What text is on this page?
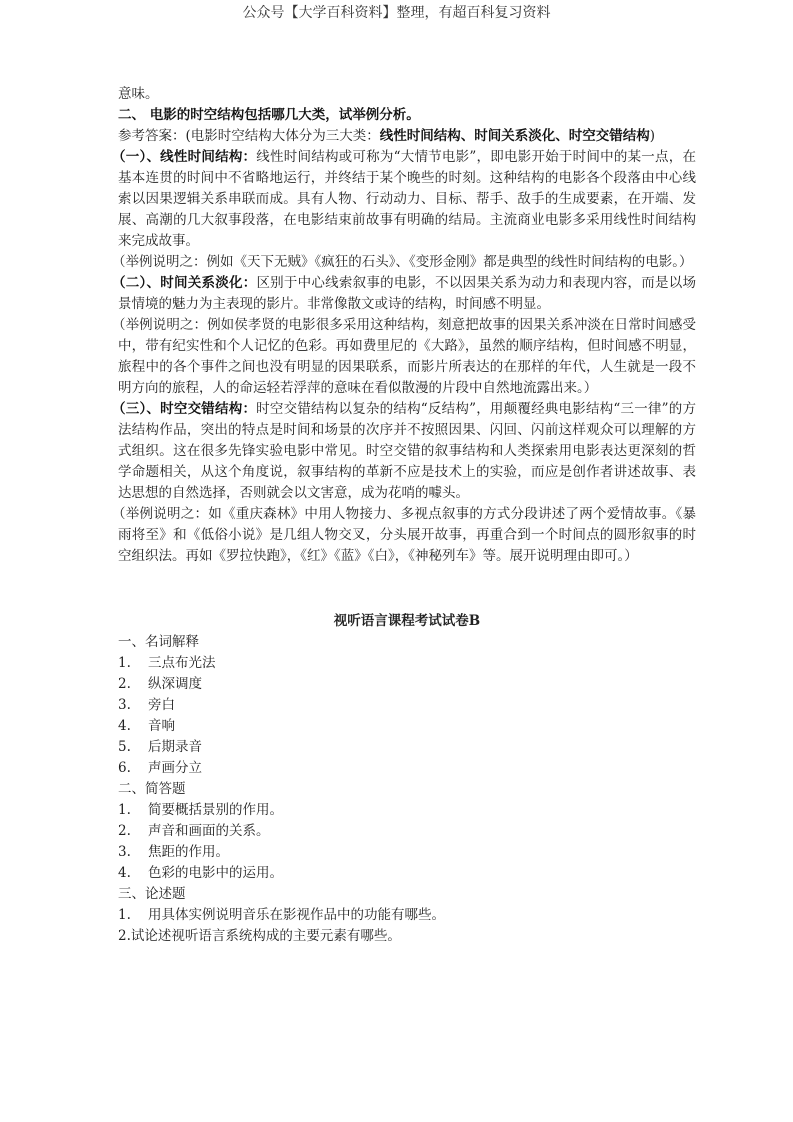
公众号【大学百科资料】整理，有超百科复习资料

意味。

二、 电影的时空结构包括哪几大类，试举例分析。

参考答案：(电影时空结构大体分为三大类：线性时间结构、时间关系淡化、时空交错结构)

（一）、线性时间结构：线性时间结构或可称为“大情节电影”，即电影开始于时间中的某一点，在基本连贯的时间中不省略地运行，并终结于某个晚些的时刻。这种结构的电影各个段落由中心线索以因果逻辑关系串联而成。具有人物、行动动力、目标、帮手、敌手的生成要素，在开端、发展、高潮的几大叙事段落，在电影结束前故事有明确的结局。主流商业电影多采用线性时间结构来完成故事。

（举例说明之：例如《天下无贼》《疯狂的石头》、《变形金刚》都是典型的线性时间结构的电影。）

（二）、时间关系淡化：区别于中心线索叙事的电影，不以因果关系为动力和表现内容，而是以场景情境的魅力为主表现的影片。非常像散文或诗的结构，时间感不明显。

（举例说明之：例如侯孝贤的电影很多采用这种结构，刻意把故事的因果关系冲淡在日常时间感受中，带有纪实性和个人记忆的色彩。再如费里尼的《大路》，虽然的顺序结构，但时间感不明显，旅程中的各个事件之间也没有明显的因果联系，而影片所表达的在那样的年代，人生就是一段不明方向的旅程，人的命运轻若浮萍的意味在看似散漫的片段中自然地流露出来。）

（三）、时空交错结构：时空交错结构以复杂的结构“反结构”，用颠覆经典电影结构“三一律”的方法结构作品，突出的特点是时间和场景的次序并不按照因果、闪回、闪前这样观众可以理解的方式组织。这在很多先锋实验电影中常见。时空交错的叙事结构和人类探索用电影表达更深刻的哲学命题相关，从这个角度说，叙事结构的革新不应是技术上的实验，而应是创作者讲述故事、表达思想的自然选择，否则就会以文害意，成为花哨的噱头。

（举例说明之：如《重庆森林》中用人物接力、多视点叙事的方式分段讲述了两个爱情故事。《暴雨将至》和《低俗小说》是几组人物交叉，分头展开故事，再重合到一个时间点的圆形叙事的时空组织法。再如《罗拉快跑》，《红》《蓝》《白》，《神秘列车》等。展开说明理由即可。）

视听语言课程考试试卷B

一、名词解释

1. 三点布光法

2. 纵深调度

3. 旁白

4. 音响

5. 后期录音

6. 声画分立

二、简答题

1. 简要概括景别的作用。

2. 声音和画面的关系。

3. 焦距的作用。

4. 色彩的电影中的运用。

三、论述题

1. 用具体实例说明音乐在影视作品中的功能有哪些。

2.试论述视听语言系统构成的主要元素有哪些。
